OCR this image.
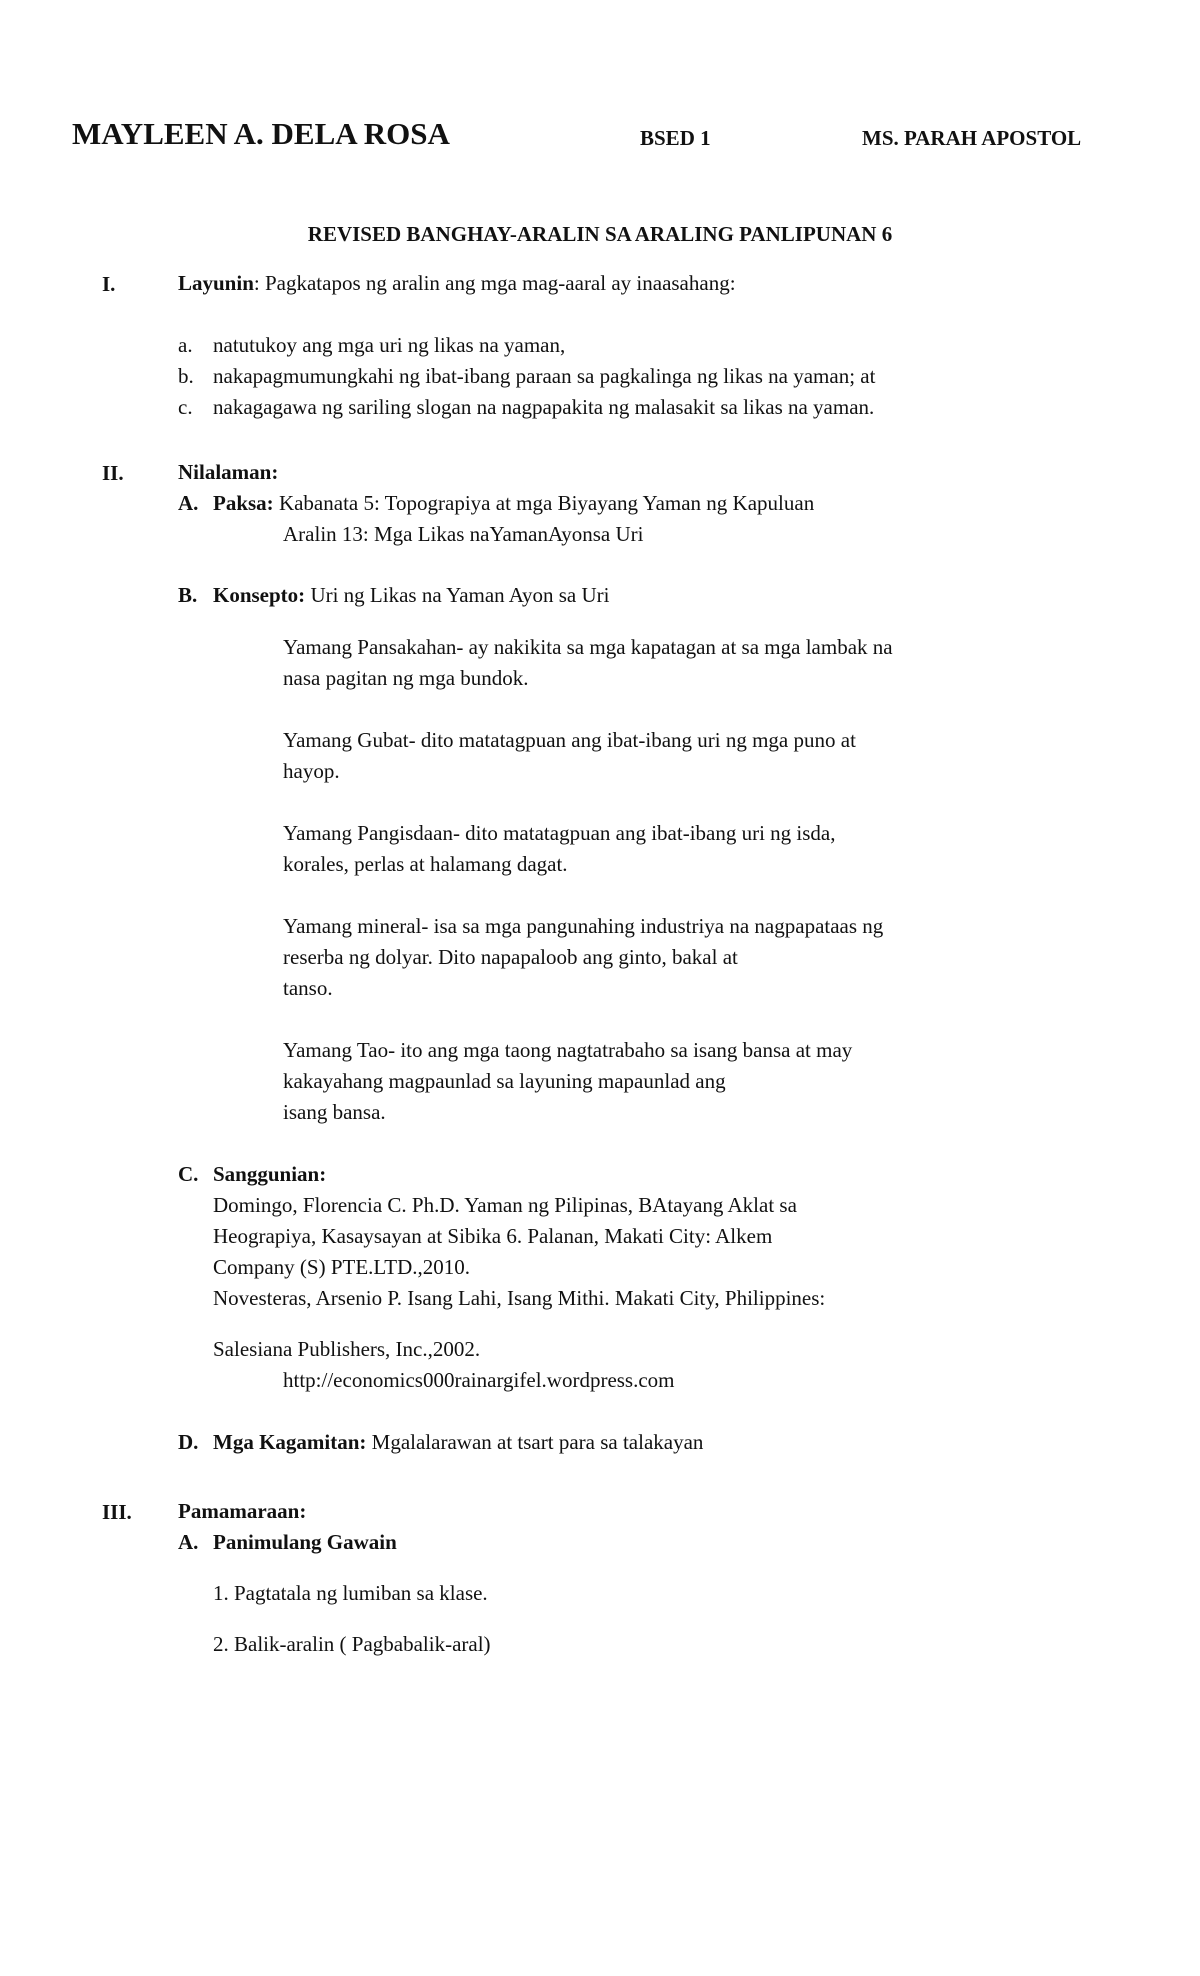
MAYLEEN A. DELA ROSA	BSED 1	MS. PARAH APOSTOL
REVISED BANGHAY-ARALIN SA ARALING PANLIPUNAN 6
I.	Layunin: Pagkatapos ng aralin ang mga mag-aaral ay inaasahang:
a. natutukoy ang mga uri ng likas na yaman,
b. nakapagmumungkahi ng ibat-ibang paraan sa pagkalinga ng likas na yaman; at
c. nakagagawa ng sariling slogan na nagpapakita ng malasakit sa likas na yaman.
II.	Nilalaman:
A. Paksa: Kabanata 5: Topograpiya at mga Biyayang Yaman ng Kapuluan
Aralin 13: Mga Likas naYamanAyonsa Uri
B. Konsepto: Uri ng Likas na Yaman Ayon sa Uri
Yamang Pansakahan- ay nakikita sa mga kapatagan at sa mga lambak na
nasa pagitan ng mga bundok.
Yamang Gubat- dito matatagpuan ang ibat-ibang uri ng mga puno at
hayop.
Yamang Pangisdaan- dito matatagpuan ang ibat-ibang uri ng isda,
korales, perlas at halamang dagat.
Yamang mineral- isa sa mga pangunahing industriya na nagpapataas ng
reserba ng dolyar. Dito napapaloob ang ginto, bakal at
tanso.
Yamang Tao- ito ang mga taong nagtatrabaho sa isang bansa at may
kakayahang magpaunlad sa layuning mapaunlad ang
isang bansa.
C. Sanggunian:
Domingo, Florencia C. Ph.D. Yaman ng Pilipinas, BAtayang Aklat sa
Heograpiya, Kasaysayan at Sibika 6. Palanan, Makati City: Alkem
Company (S) PTE.LTD.,2010.
Novesteras, Arsenio P. Isang Lahi, Isang Mithi. Makati City, Philippines:
Salesiana Publishers, Inc.,2002.
http://economics000rainargifel.wordpress.com
D. Mga Kagamitan: Mgalalarawan at tsart para sa talakayan
III. Pamamaraan:
A. Panimulang Gawain
1. Pagtatala ng lumiban sa klase.
2. Balik-aralin ( Pagbabalik-aral)
